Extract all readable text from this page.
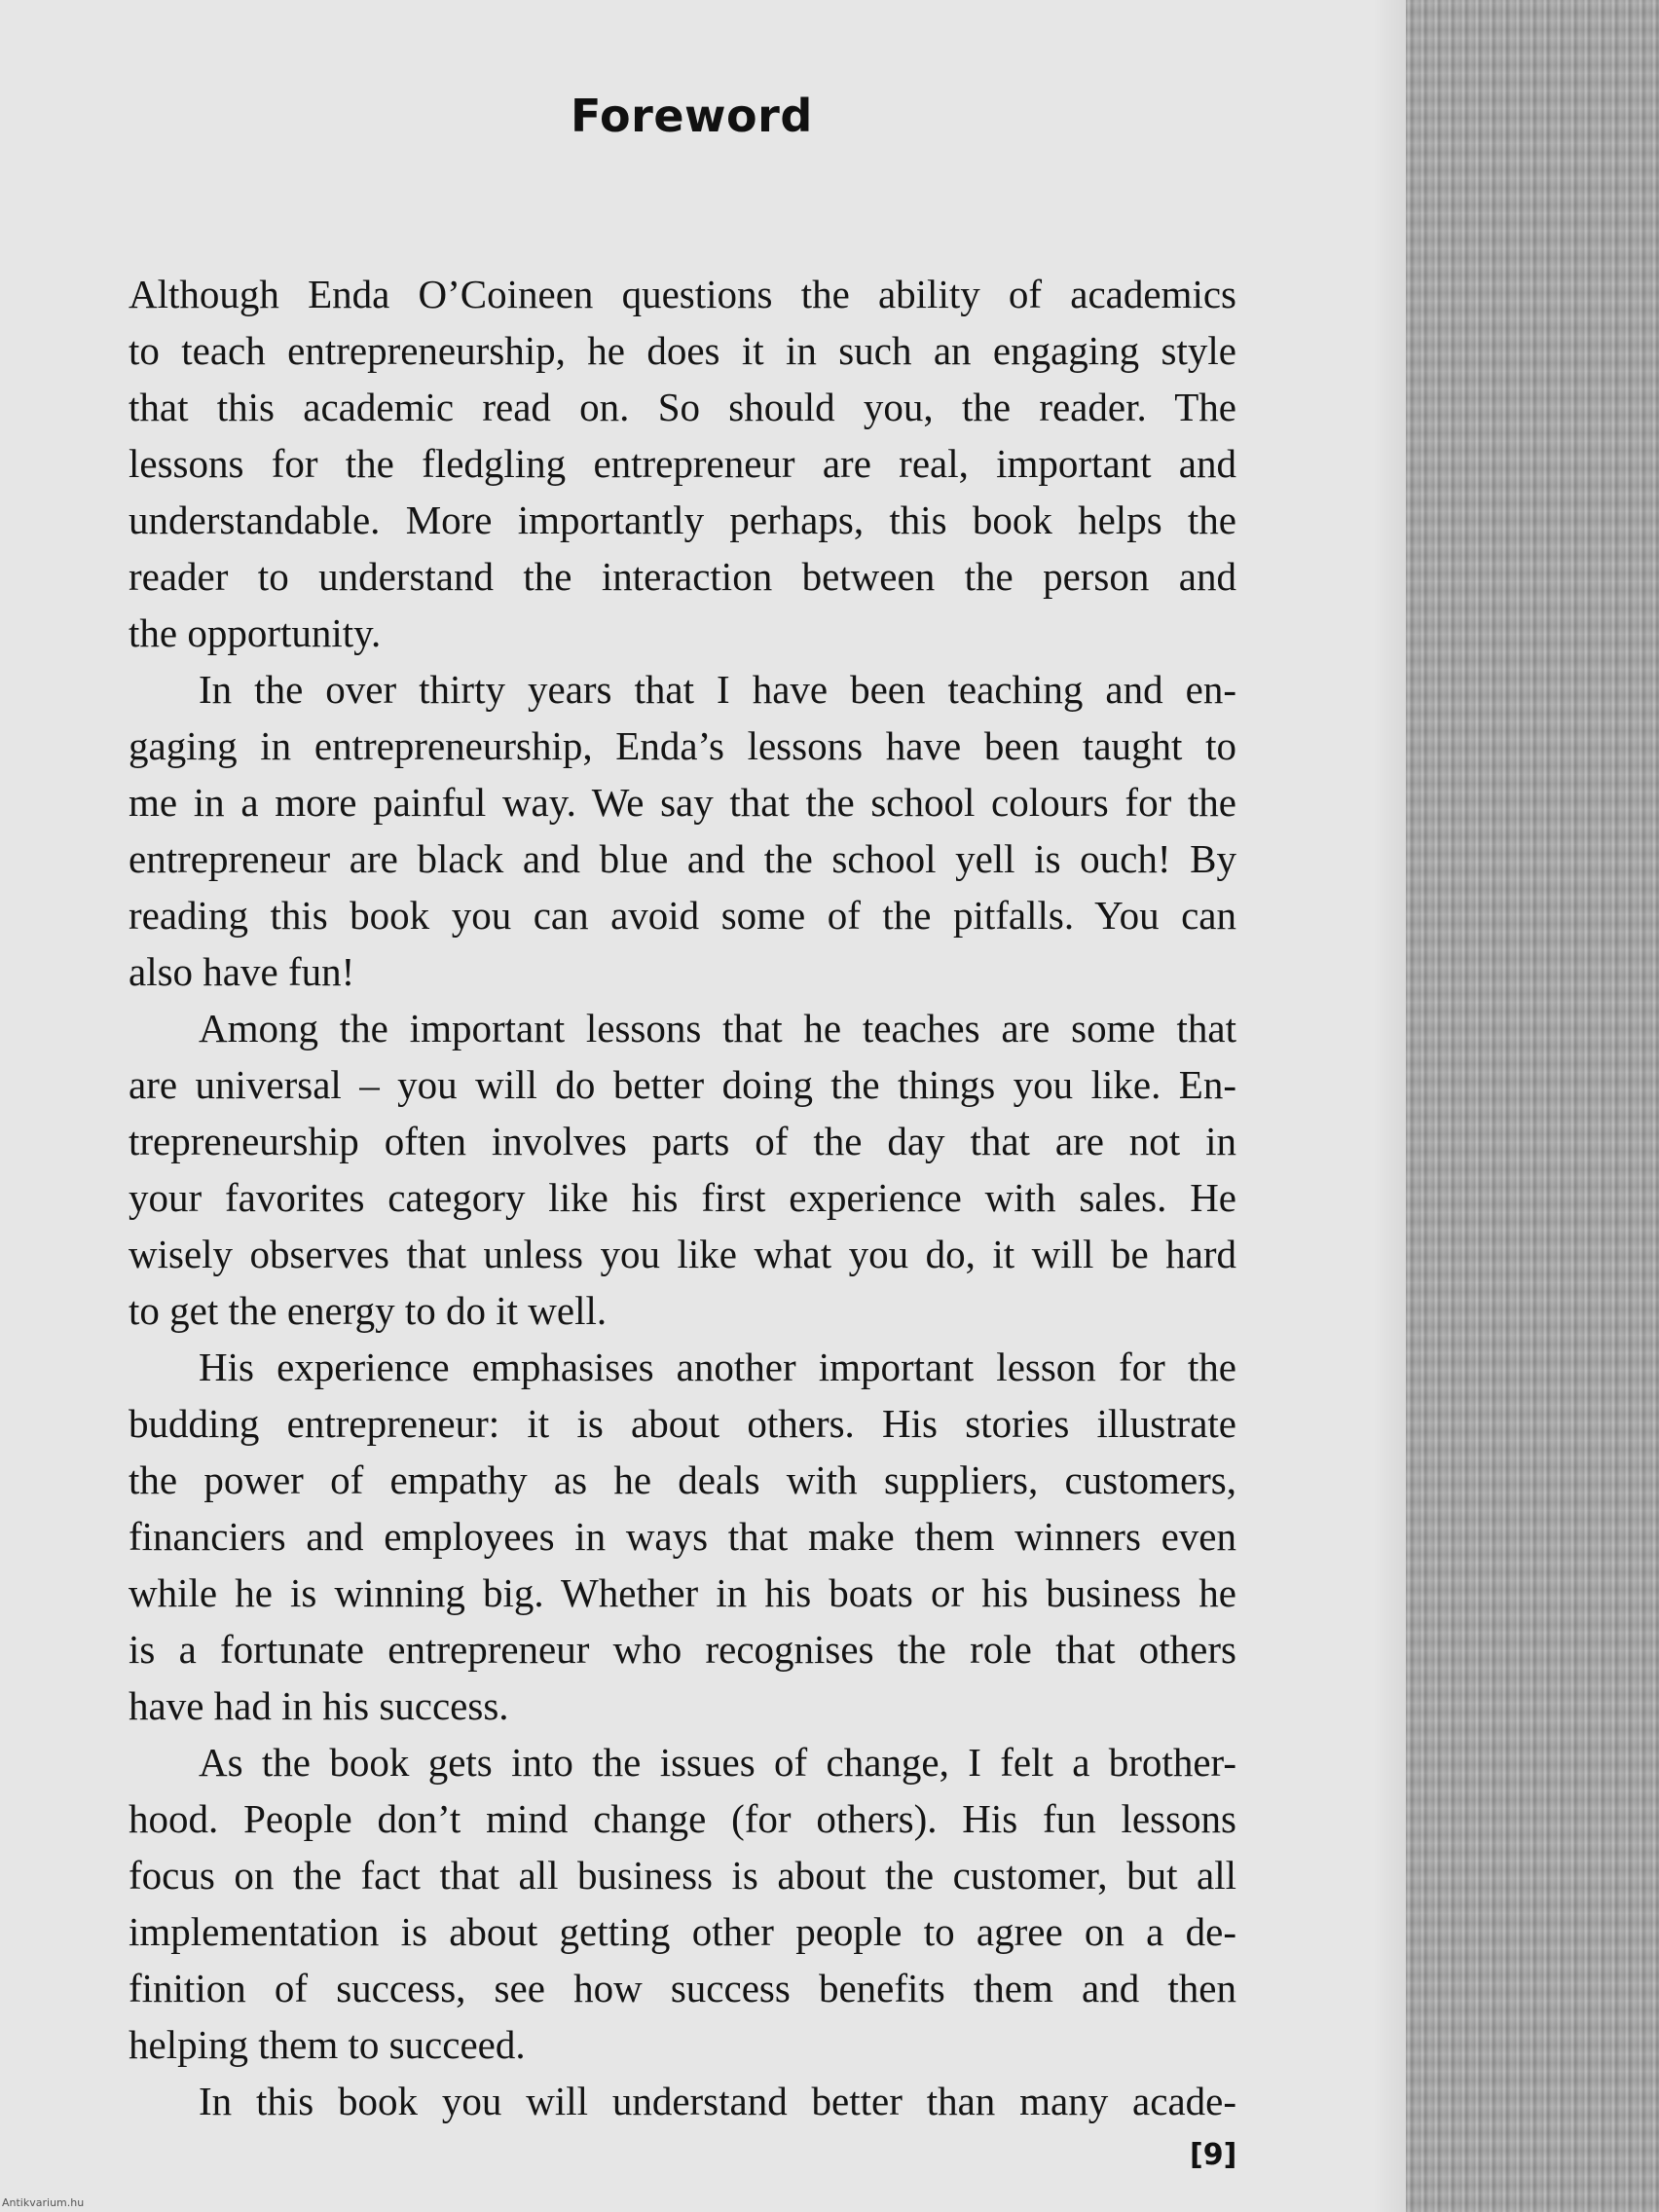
Foreword
Although Enda O’Coineen questions the ability of academics
to teach entrepreneurship, he does it in such an engaging style
that this academic read on. So should you, the reader. The
lessons for the fledgling entrepreneur are real, important and
understandable. More importantly perhaps, this book helps the
reader to understand the interaction between the person and
the opportunity.
In the over thirty years that I have been teaching and en-
gaging in entrepreneurship, Enda’s lessons have been taught to
me in a more painful way. We say that the school colours for the
entrepreneur are black and blue and the school yell is ouch! By
reading this book you can avoid some of the pitfalls. You can
also have fun!
Among the important lessons that he teaches are some that
are universal – you will do better doing the things you like. En-
trepreneurship often involves parts of the day that are not in
your favorites category like his first experience with sales. He
wisely observes that unless you like what you do, it will be hard
to get the energy to do it well.
His experience emphasises another important lesson for the
budding entrepreneur: it is about others. His stories illustrate
the power of empathy as he deals with suppliers, customers,
financiers and employees in ways that make them winners even
while he is winning big. Whether in his boats or his business he
is a fortunate entrepreneur who recognises the role that others
have had in his success.
As the book gets into the issues of change, I felt a brother-
hood. People don’t mind change (for others). His fun lessons
focus on the fact that all business is about the customer, but all
implementation is about getting other people to agree on a de-
finition of success, see how success benefits them and then
helping them to succeed.
In this book you will understand better than many acade-
[9]
Antikvarium.hu
